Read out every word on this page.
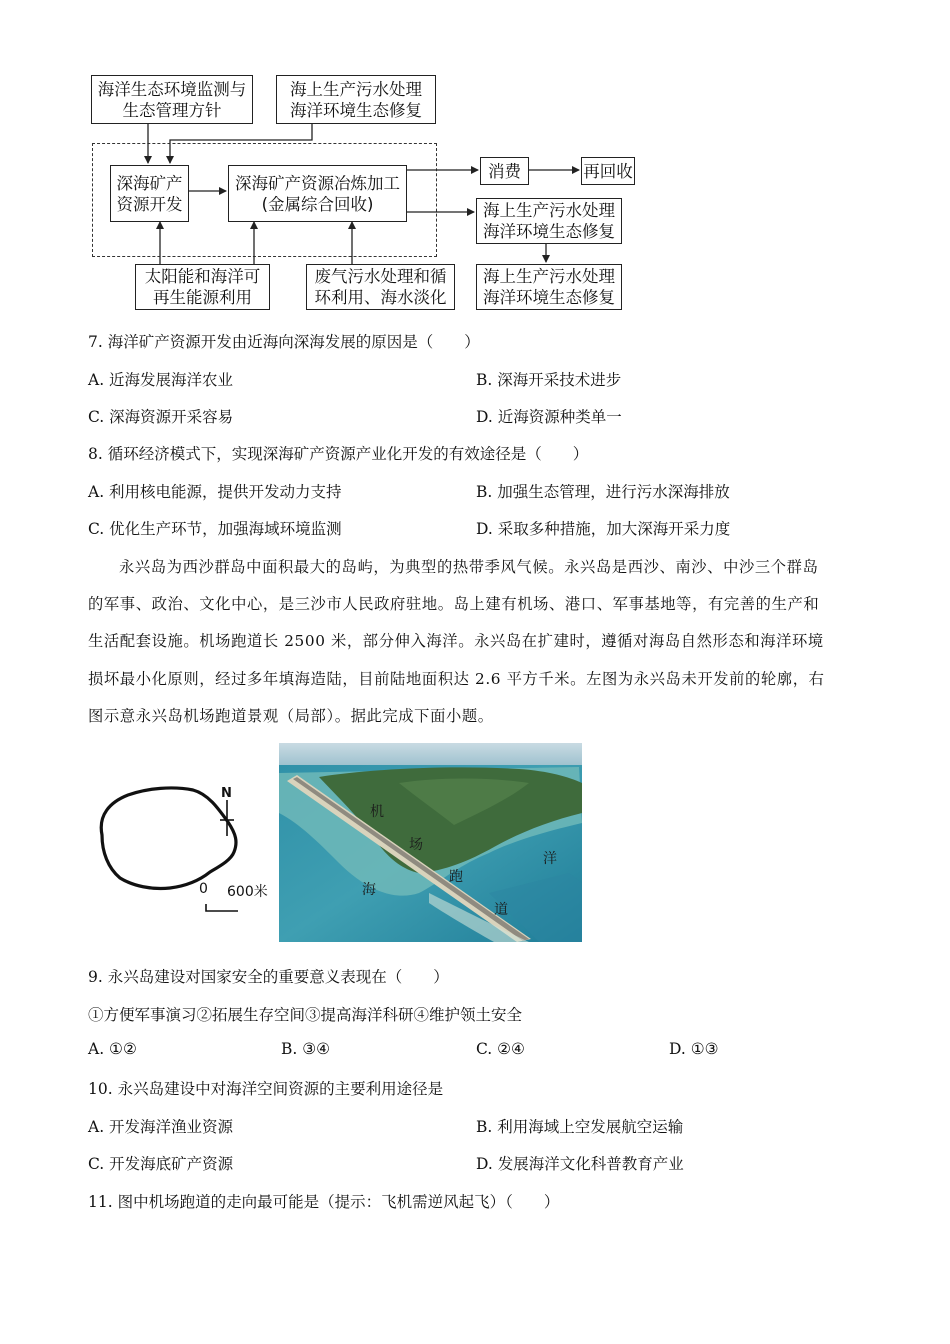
海洋生态环境监测与
生态管理方针
海上生产污水处理
海洋环境生态修复
深海矿产
资源开发
深海矿产资源冶炼加工
(金属综合回收)
消费	再回收
海上生产污水处理
海洋环境生态修复
海上生产污水处理
海洋环境生态修复
太阳能和海洋可
再生能源利用
废气污水处理和循
环利用、海水淡化
7. 海洋矿产资源开发由近海向深海发展的原因是（　　）
A. 近海发展海洋农业	B. 深海开采技术进步
C. 深海资源开采容易	D. 近海资源种类单一
8. 循环经济模式下，实现深海矿产资源产业化开发的有效途径是（　　）
A. 利用核电能源，提供开发动力支持	B. 加强生态管理，进行污水深海排放
C. 优化生产环节，加强海域环境监测	D. 采取多种措施，加大深海开采力度
永兴岛为西沙群岛中面积最大的岛屿，为典型的热带季风气候。永兴岛是西沙、南沙、中沙三个群岛
的军事、政治、文化中心，是三沙市人民政府驻地。岛上建有机场、港口、军事基地等，有完善的生产和
生活配套设施。机场跑道长 2500 米，部分伸入海洋。永兴岛在扩建时，遵循对海岛自然形态和海洋环境
损坏最小化原则，经过多年填海造陆，目前陆地面积达 2.6 平方千米。左图为永兴岛未开发前的轮廓，右
图示意永兴岛机场跑道景观（局部）。据此完成下面小题。
N
0 600米
机
场
跑
道
海
洋
9. 永兴岛建设对国家安全的重要意义表现在（　　）
①方便军事演习②拓展生存空间③提高海洋科研④维护领土安全
A. ①②	B. ③④	C. ②④	D. ①③
10. 永兴岛建设中对海洋空间资源的主要利用途径是
A. 开发海洋渔业资源	B. 利用海域上空发展航空运输
C. 开发海底矿产资源	D. 发展海洋文化科普教育产业
11. 图中机场跑道的走向最可能是（提示：飞机需逆风起飞）（　　）
